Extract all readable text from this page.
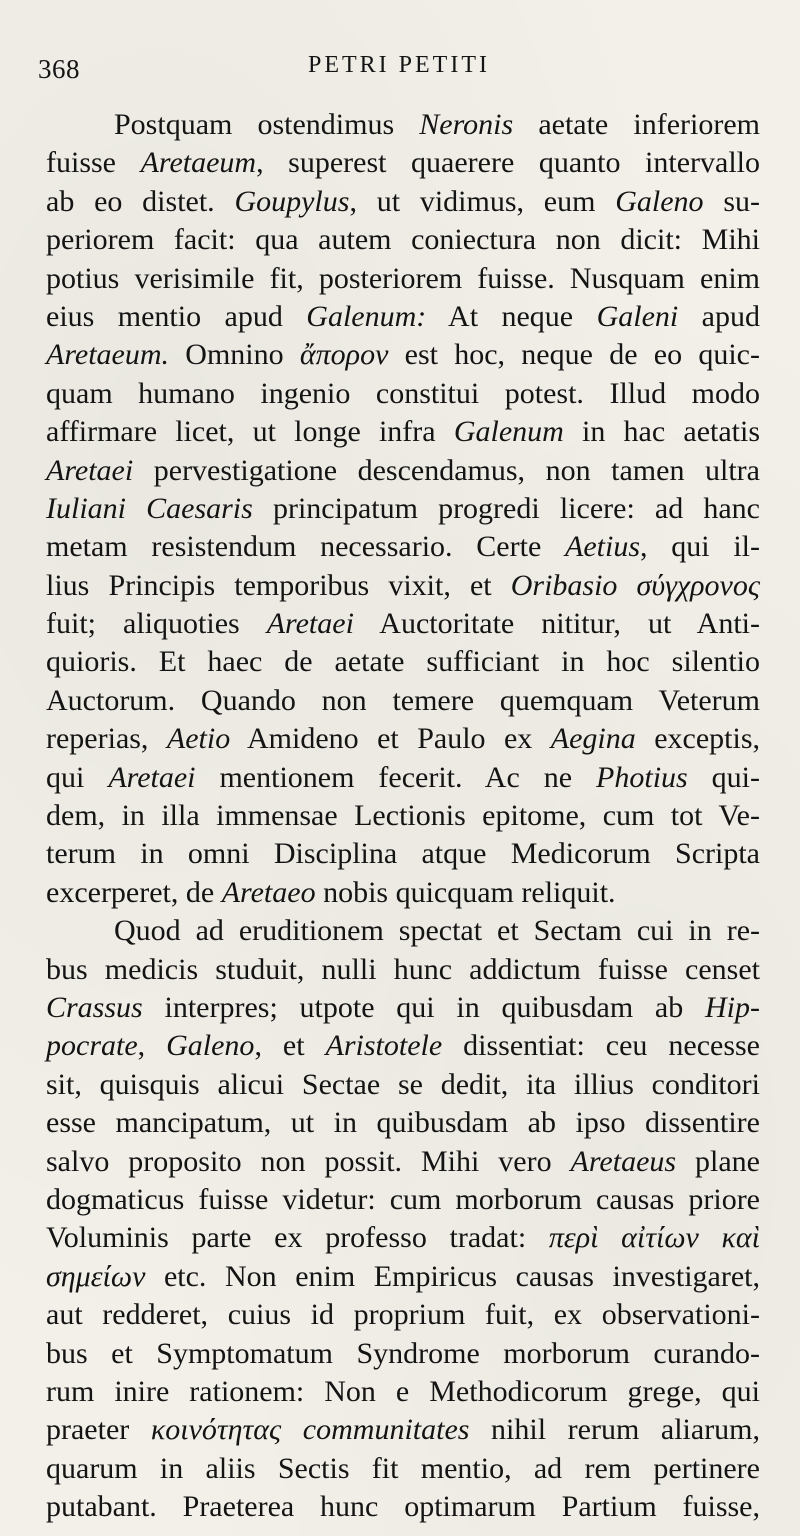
368	PETRI PETITI
Postquam ostendimus Neronis aetate inferiorem
fuisse Aretaeum, superest quaerere quanto intervallo
ab eo distet. Goupylus, ut vidimus, eum Galeno su-
periorem facit: qua autem coniectura non dicit: Mihi
potius verisimile fit, posteriorem fuisse. Nusquam enim
eius mentio apud Galenum: At neque Galeni apud
Aretaeum. Omnino ἄπορον est hoc, neque de eo quic-
quam humano ingenio constitui potest. Illud modo
affirmare licet, ut longe infra Galenum in hac aetatis
Aretaei pervestigatione descendamus, non tamen ultra
Iuliani Caesaris principatum progredi licere: ad hanc
metam resistendum necessario. Certe Aetius, qui il-
lius Principis temporibus vixit, et Oribasio σύγχρονος
fuit; aliquoties Aretaei Auctoritate nititur, ut Anti-
quioris. Et haec de aetate sufficiant in hoc silentio
Auctorum. Quando non temere quemquam Veterum
reperias, Aetio Amideno et Paulo ex Aegina exceptis,
qui Aretaei mentionem fecerit. Ac ne Photius qui-
dem, in illa immensae Lectionis epitome, cum tot Ve-
terum in omni Disciplina atque Medicorum Scripta
excerperet, de Aretaeo nobis quicquam reliquit.
Quod ad eruditionem spectat et Sectam cui in re-
bus medicis studuit, nulli hunc addictum fuisse censet
Crassus interpres; utpote qui in quibusdam ab Hip-
pocrate, Galeno, et Aristotele dissentiat: ceu necesse
sit, quisquis alicui Sectae se dedit, ita illius conditori
esse mancipatum, ut in quibusdam ab ipso dissentire
salvo proposito non possit. Mihi vero Aretaeus plane
dogmaticus fuisse videtur: cum morborum causas priore
Voluminis parte ex professo tradat: περὶ αἰτίων καὶ
σημείων etc. Non enim Empiricus causas investigaret,
aut redderet, cuius id proprium fuit, ex observationi-
bus et Symptomatum Syndrome morborum curando-
rum inire rationem: Non e Methodicorum grege, qui
praeter κοινότητας communitates nihil rerum aliarum,
quarum in aliis Sectis fit mentio, ad rem pertinere
putabant. Praeterea hunc optimarum Partium fuisse,
